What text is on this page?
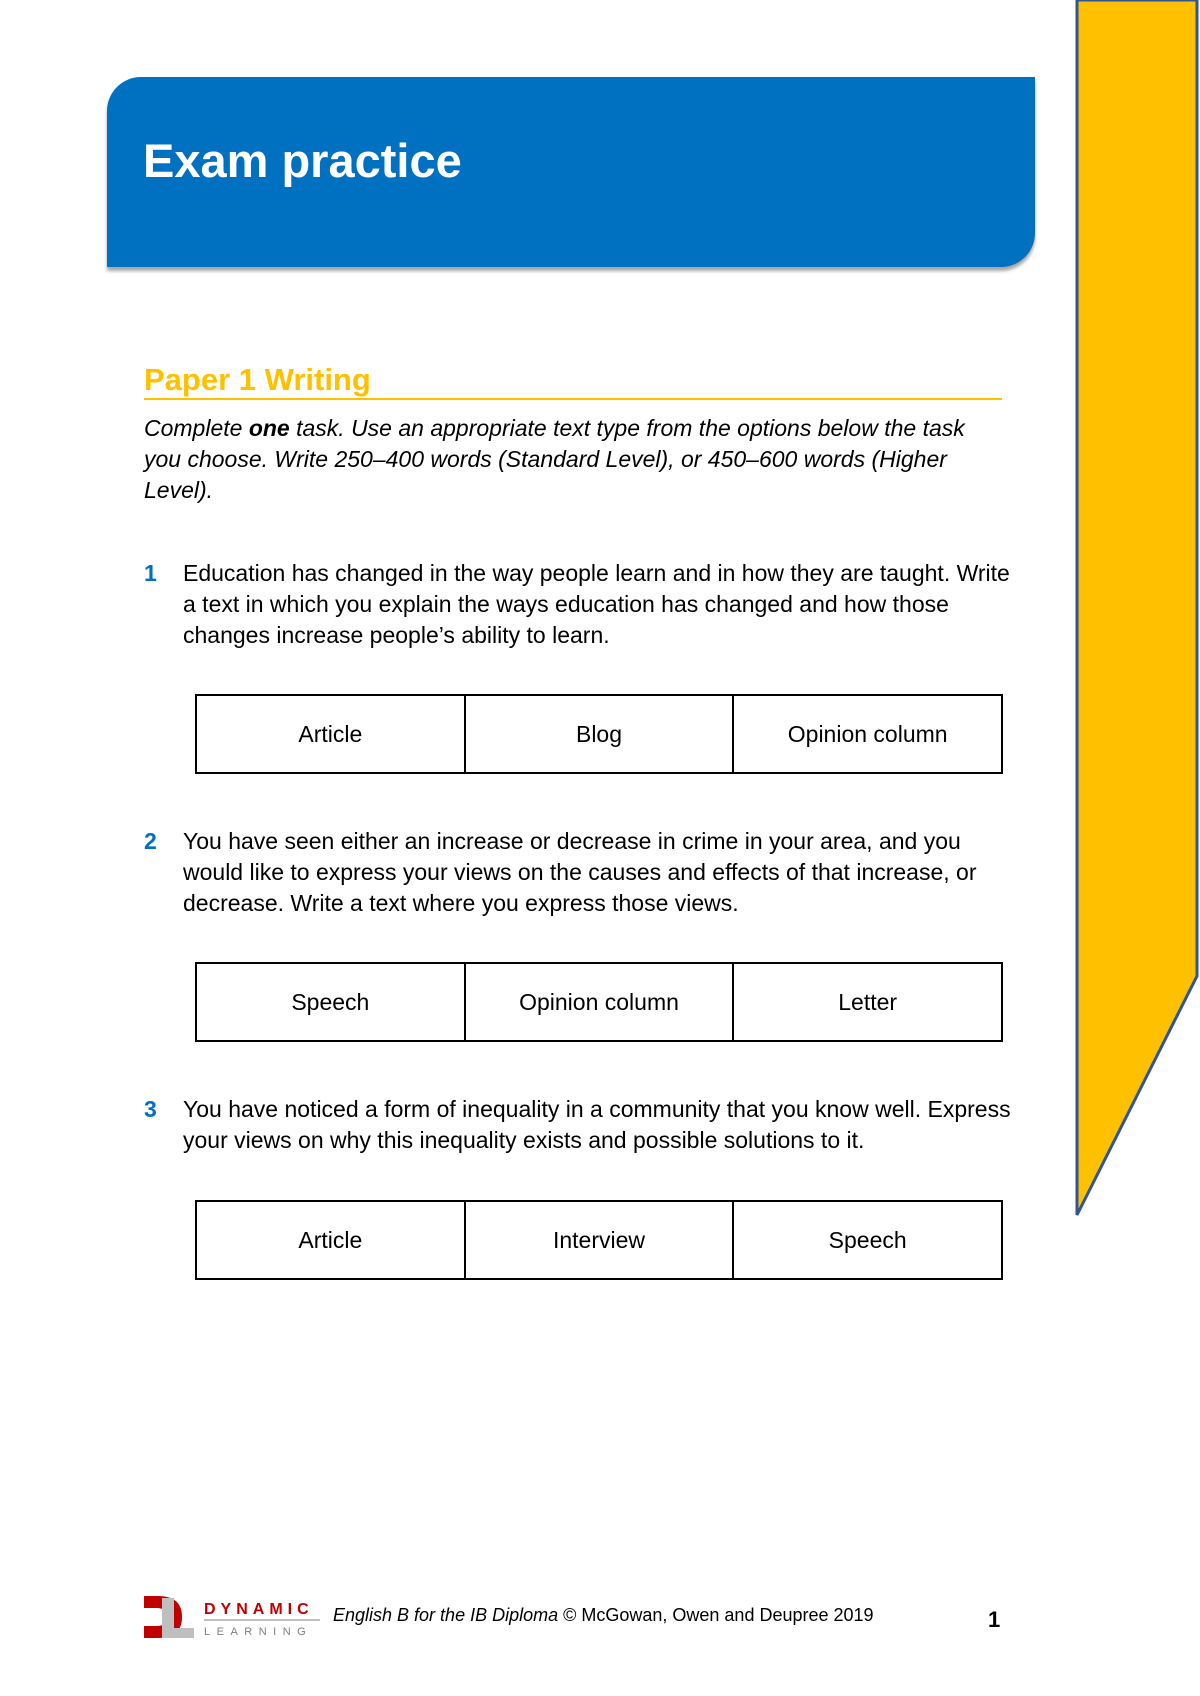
Exam practice
Paper 1 Writing
Complete one task. Use an appropriate text type from the options below the task you choose. Write 250–400 words (Standard Level), or 450–600 words (Higher Level).
1 Education has changed in the way people learn and in how they are taught. Write a text in which you explain the ways education has changed and how those changes increase people’s ability to learn.
Article	Blog	Opinion column
2 You have seen either an increase or decrease in crime in your area, and you would like to express your views on the causes and effects of that increase, or decrease. Write a text where you express those views.
Speech	Opinion column	Letter
3 You have noticed a form of inequality in a community that you know well. Express your views on why this inequality exists and possible solutions to it.
Article	Interview	Speech
DYNAMIC
LEARNING
English B for the IB Diploma © McGowan, Owen and Deupree 2019	1
